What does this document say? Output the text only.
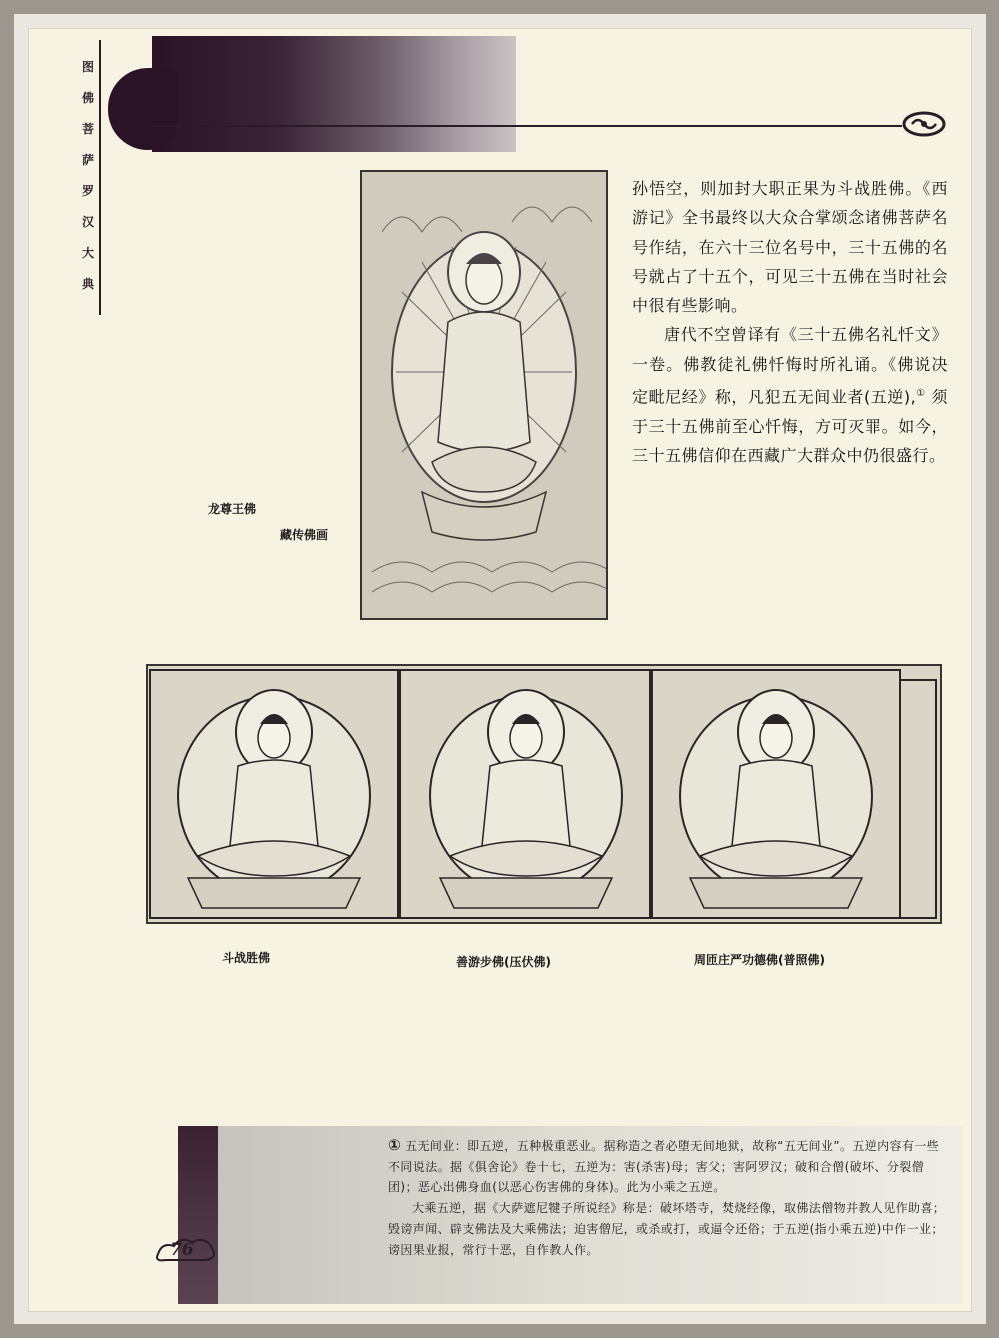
图
佛
菩
萨
罗
汉
大
典
龙尊王佛
藏传佛画

孙悟空，则加封大职正果为斗战胜佛。《西游记》全书最终以大众合掌颂念诸佛菩萨名号作结，在六十三位名号中，三十五佛的名号就占了十五个，可见三十五佛在当时社会中很有些影响。

唐代不空曾译有《三十五佛名礼忏文》一卷。佛教徒礼佛忏悔时所礼诵。《佛说决定毗尼经》称，凡犯五无间业者(五逆),① 须于三十五佛前至心忏悔，方可灭罪。如今，三十五佛信仰在西藏广大群众中仍很盛行。

斗战胜佛	善游步佛(压伏佛)	周匝庄严功德佛(普照佛)

① 五无间业：即五逆，五种极重恶业。据称造之者必堕无间地狱，故称“五无间业”。五逆内容有一些不同说法。据《俱舍论》卷十七，五逆为：害(杀害)母；害父；害阿罗汉；破和合僧(破坏、分裂僧团)；恶心出佛身血(以恶心伤害佛的身体)。此为小乘之五逆。

大乘五逆，据《大萨遮尼犍子所说经》称是：破坏塔寺，焚烧经像，取佛法僧物并教人见作助喜；毁谤声闻、辟支佛法及大乘佛法；迫害僧尼，或杀或打，或逼令还俗；于五逆(指小乘五逆)中作一业；谤因果业报，常行十恶，自作教人作。

76
